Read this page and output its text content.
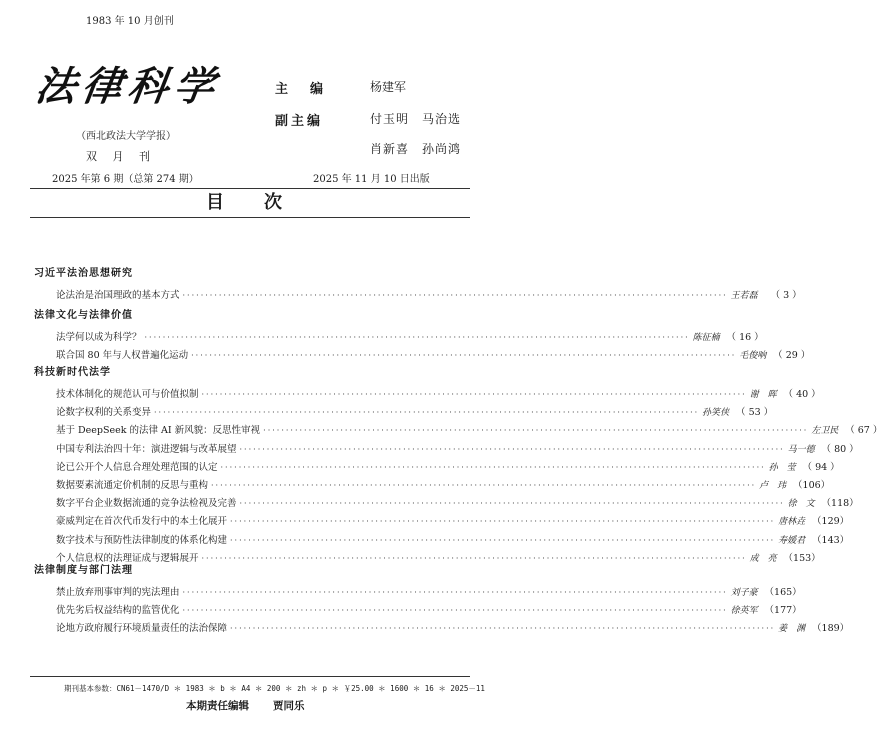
1983 年 10 月创刊
法律科学
（西北政法大学学报）
双 月 刊
2025 年第 6 期（总第 274 期）	2025 年 11 月 10 日出版
主编 杨建军
副主编	付玉明　马治选
肖新喜　孙尚鸿
目次
习近平法治思想研究
论法治是治国理政的基本方式 ························································································································ 王若磊	（ 3 ）
法律文化与法律价值
法学何以成为科学？ ························································································································ 陈征楠 （ 16 ）
联合国 80 年与人权普遍化运动 ························································································································ 毛俊响 （ 29 ）
科技新时代法学
技术体制化的规范认可与价值拟制 ························································································································ 谢　晖 （ 40 ）
论数字权利的关系变异 ························································································································ 孙笑侠 （ 53 ）
基于 DeepSeek 的法律 AI 新风貌：反思性审视 ························································································································ 左卫民 （ 67 ）
中国专利法治四十年：演进逻辑与改革展望 ························································································································ 马一德 （ 80 ）
论已公开个人信息合理处理范围的认定 ························································································································ 孙　莹 （ 94 ）
数据要素流通定价机制的反思与重构 ························································································································ 卢　玮 （106）
数字平台企业数据流通的竞争法检视及完善 ························································································································ 徐　文 （118）
豪威判定在首次代币发行中的本土化展开 ························································································································ 唐林垚 （129）
数字技术与预防性法律制度的体系化构建 ························································································································ 寿媛君 （143）
个人信息权的法理证成与逻辑展开 ························································································································ 成　亮 （153）
法律制度与部门法理
禁止放弃刑事审判的宪法理由 ························································································································ 刘子豪 （165）
优先劣后权益结构的监管优化 ························································································································ 徐英军 （177）
论地方政府履行环境质量责任的法治保障 ························································································································ 姜　渊 （189）
期刊基本参数：CN61－1470/D ＊ 1983 ＊ b ＊ A4 ＊ 200 ＊ zh ＊ p ＊ ￥25.00 ＊ 1600 ＊ 16 ＊ 2025－11
本期责任编辑 贾同乐
